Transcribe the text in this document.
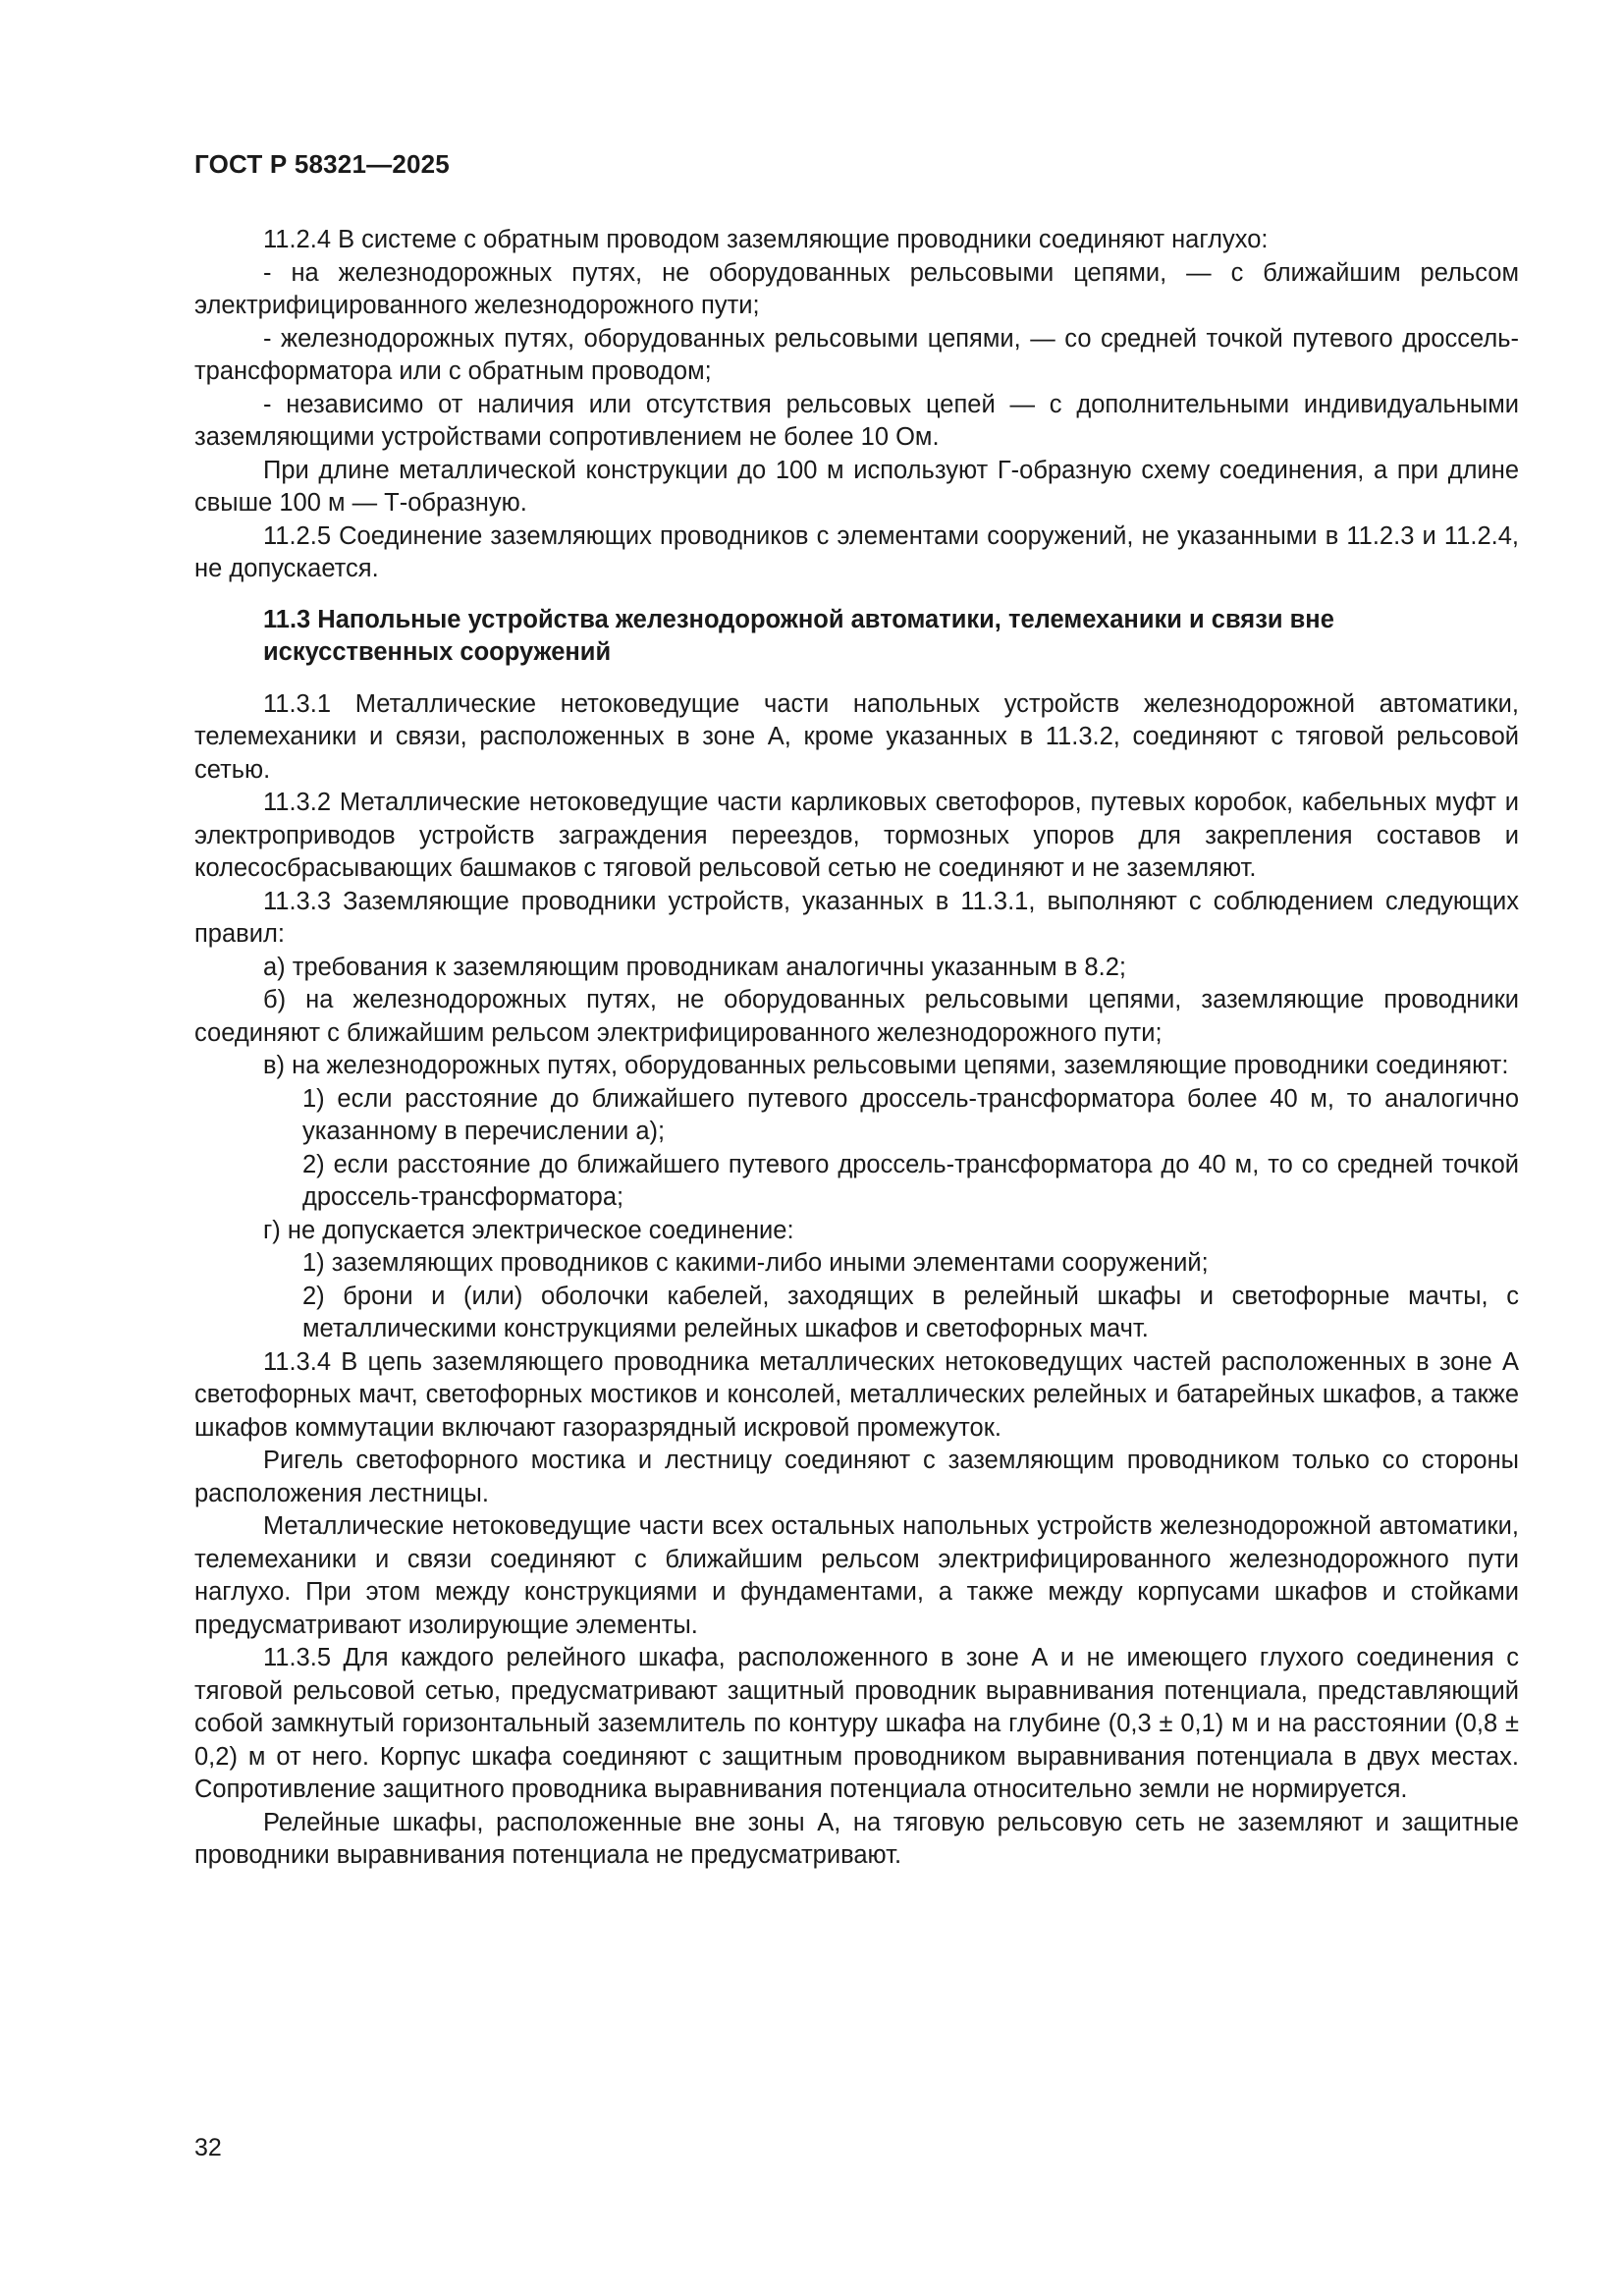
ГОСТ Р 58321—2025

11.2.4 В системе с обратным проводом заземляющие проводники соединяют наглухо:

- на железнодорожных путях, не оборудованных рельсовыми цепями, — с ближайшим рельсом электрифицированного железнодорожного пути;

- железнодорожных путях, оборудованных рельсовыми цепями, — со средней точкой путевого дроссель-трансформатора или с обратным проводом;

- независимо от наличия или отсутствия рельсовых цепей — с дополнительными индивидуальными заземляющими устройствами сопротивлением не более 10 Ом.

При длине металлической конструкции до 100 м используют Г-образную схему соединения, а при длине свыше 100 м — Т-образную.

11.2.5 Соединение заземляющих проводников с элементами сооружений, не указанными в 11.2.3 и 11.2.4, не допускается.

11.3 Напольные устройства железнодорожной автоматики, телемеханики и связи вне искусственных сооружений

11.3.1 Металлические нетоковедущие части напольных устройств железнодорожной автоматики, телемеханики и связи, расположенных в зоне А, кроме указанных в 11.3.2, соединяют с тяговой рельсовой сетью.

11.3.2 Металлические нетоковедущие части карликовых светофоров, путевых коробок, кабельных муфт и электроприводов устройств заграждения переездов, тормозных упоров для закрепления составов и колесосбрасывающих башмаков с тяговой рельсовой сетью не соединяют и не заземляют.

11.3.3 Заземляющие проводники устройств, указанных в 11.3.1, выполняют с соблюдением следующих правил:

а) требования к заземляющим проводникам аналогичны указанным в 8.2;

б) на железнодорожных путях, не оборудованных рельсовыми цепями, заземляющие проводники соединяют с ближайшим рельсом электрифицированного железнодорожного пути;

в) на железнодорожных путях, оборудованных рельсовыми цепями, заземляющие проводники соединяют:

1) если расстояние до ближайшего путевого дроссель-трансформатора более 40 м, то аналогично указанному в перечислении а);

2) если расстояние до ближайшего путевого дроссель-трансформатора до 40 м, то со средней точкой дроссель-трансформатора;

г) не допускается электрическое соединение:

1) заземляющих проводников с какими-либо иными элементами сооружений;

2) брони и (или) оболочки кабелей, заходящих в релейный шкафы и светофорные мачты, с металлическими конструкциями релейных шкафов и светофорных мачт.

11.3.4 В цепь заземляющего проводника металлических нетоковедущих частей расположенных в зоне А светофорных мачт, светофорных мостиков и консолей, металлических релейных и батарейных шкафов, а также шкафов коммутации включают газоразрядный искровой промежуток.

Ригель светофорного мостика и лестницу соединяют с заземляющим проводником только со стороны расположения лестницы.

Металлические нетоковедущие части всех остальных напольных устройств железнодорожной автоматики, телемеханики и связи соединяют с ближайшим рельсом электрифицированного железнодорожного пути наглухо. При этом между конструкциями и фундаментами, а также между корпусами шкафов и стойками предусматривают изолирующие элементы.

11.3.5 Для каждого релейного шкафа, расположенного в зоне А и не имеющего глухого соединения с тяговой рельсовой сетью, предусматривают защитный проводник выравнивания потенциала, представляющий собой замкнутый горизонтальный заземлитель по контуру шкафа на глубине (0,3 ± 0,1) м и на расстоянии (0,8 ± 0,2) м от него. Корпус шкафа соединяют с защитным проводником выравнивания потенциала в двух местах. Сопротивление защитного проводника выравнивания потенциала относительно земли не нормируется.

Релейные шкафы, расположенные вне зоны А, на тяговую рельсовую сеть не заземляют и защитные проводники выравнивания потенциала не предусматривают.

32
